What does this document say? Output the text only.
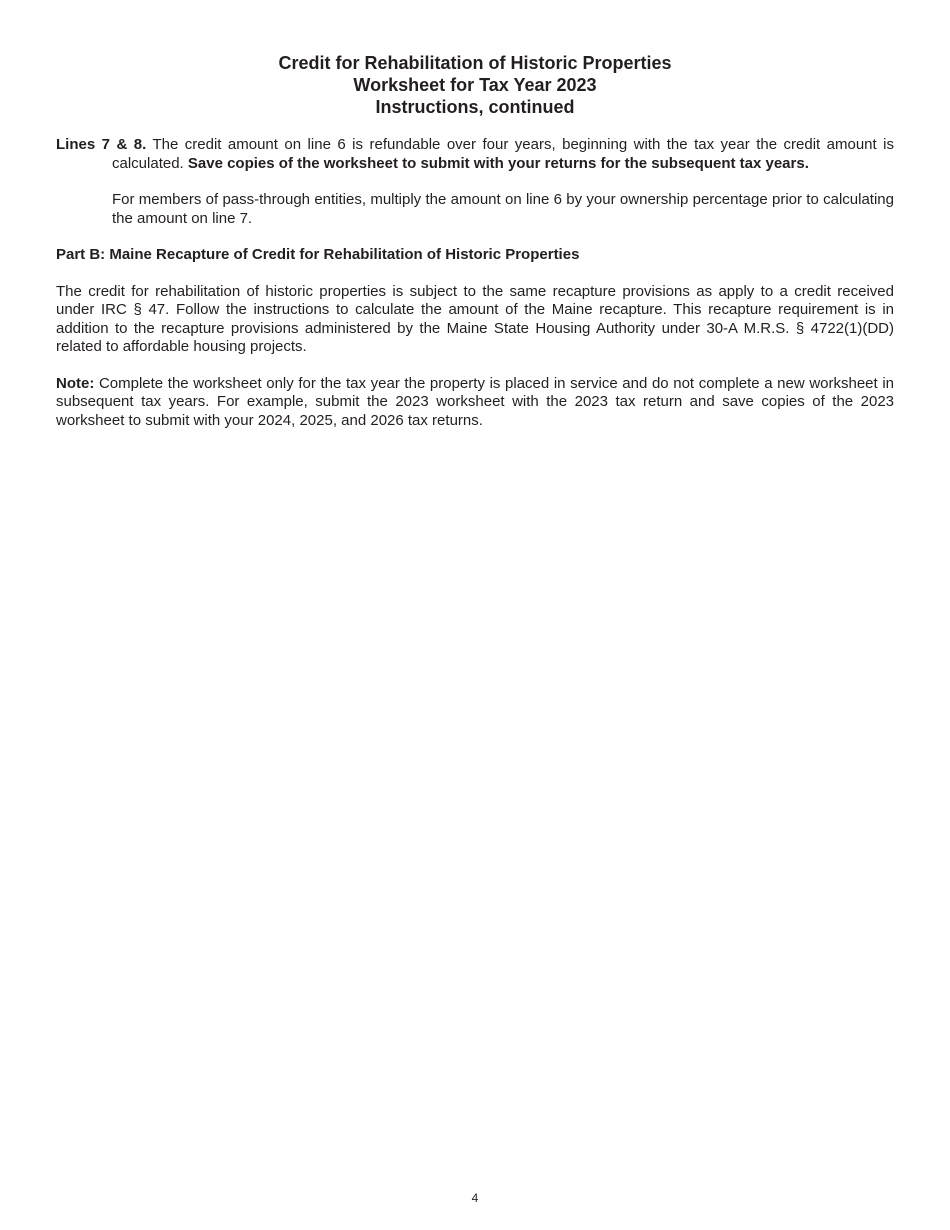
Credit for Rehabilitation of Historic Properties
Worksheet for Tax Year 2023
Instructions, continued

Lines 7 & 8. The credit amount on line 6 is refundable over four years, beginning with the tax year the credit amount is calculated. Save copies of the worksheet to submit with your returns for the subsequent tax years.

For members of pass-through entities, multiply the amount on line 6 by your ownership percentage prior to calculating the amount on line 7.

Part B: Maine Recapture of Credit for Rehabilitation of Historic Properties

The credit for rehabilitation of historic properties is subject to the same recapture provisions as apply to a credit received under IRC § 47. Follow the instructions to calculate the amount of the Maine recapture. This recapture requirement is in addition to the recapture provisions administered by the Maine State Housing Authority under 30-A M.R.S. § 4722(1)(DD) related to affordable housing projects.

Note: Complete the worksheet only for the tax year the property is placed in service and do not complete a new worksheet in subsequent tax years. For example, submit the 2023 worksheet with the 2023 tax return and save copies of the 2023 worksheet to submit with your 2024, 2025, and 2026 tax returns.

4
